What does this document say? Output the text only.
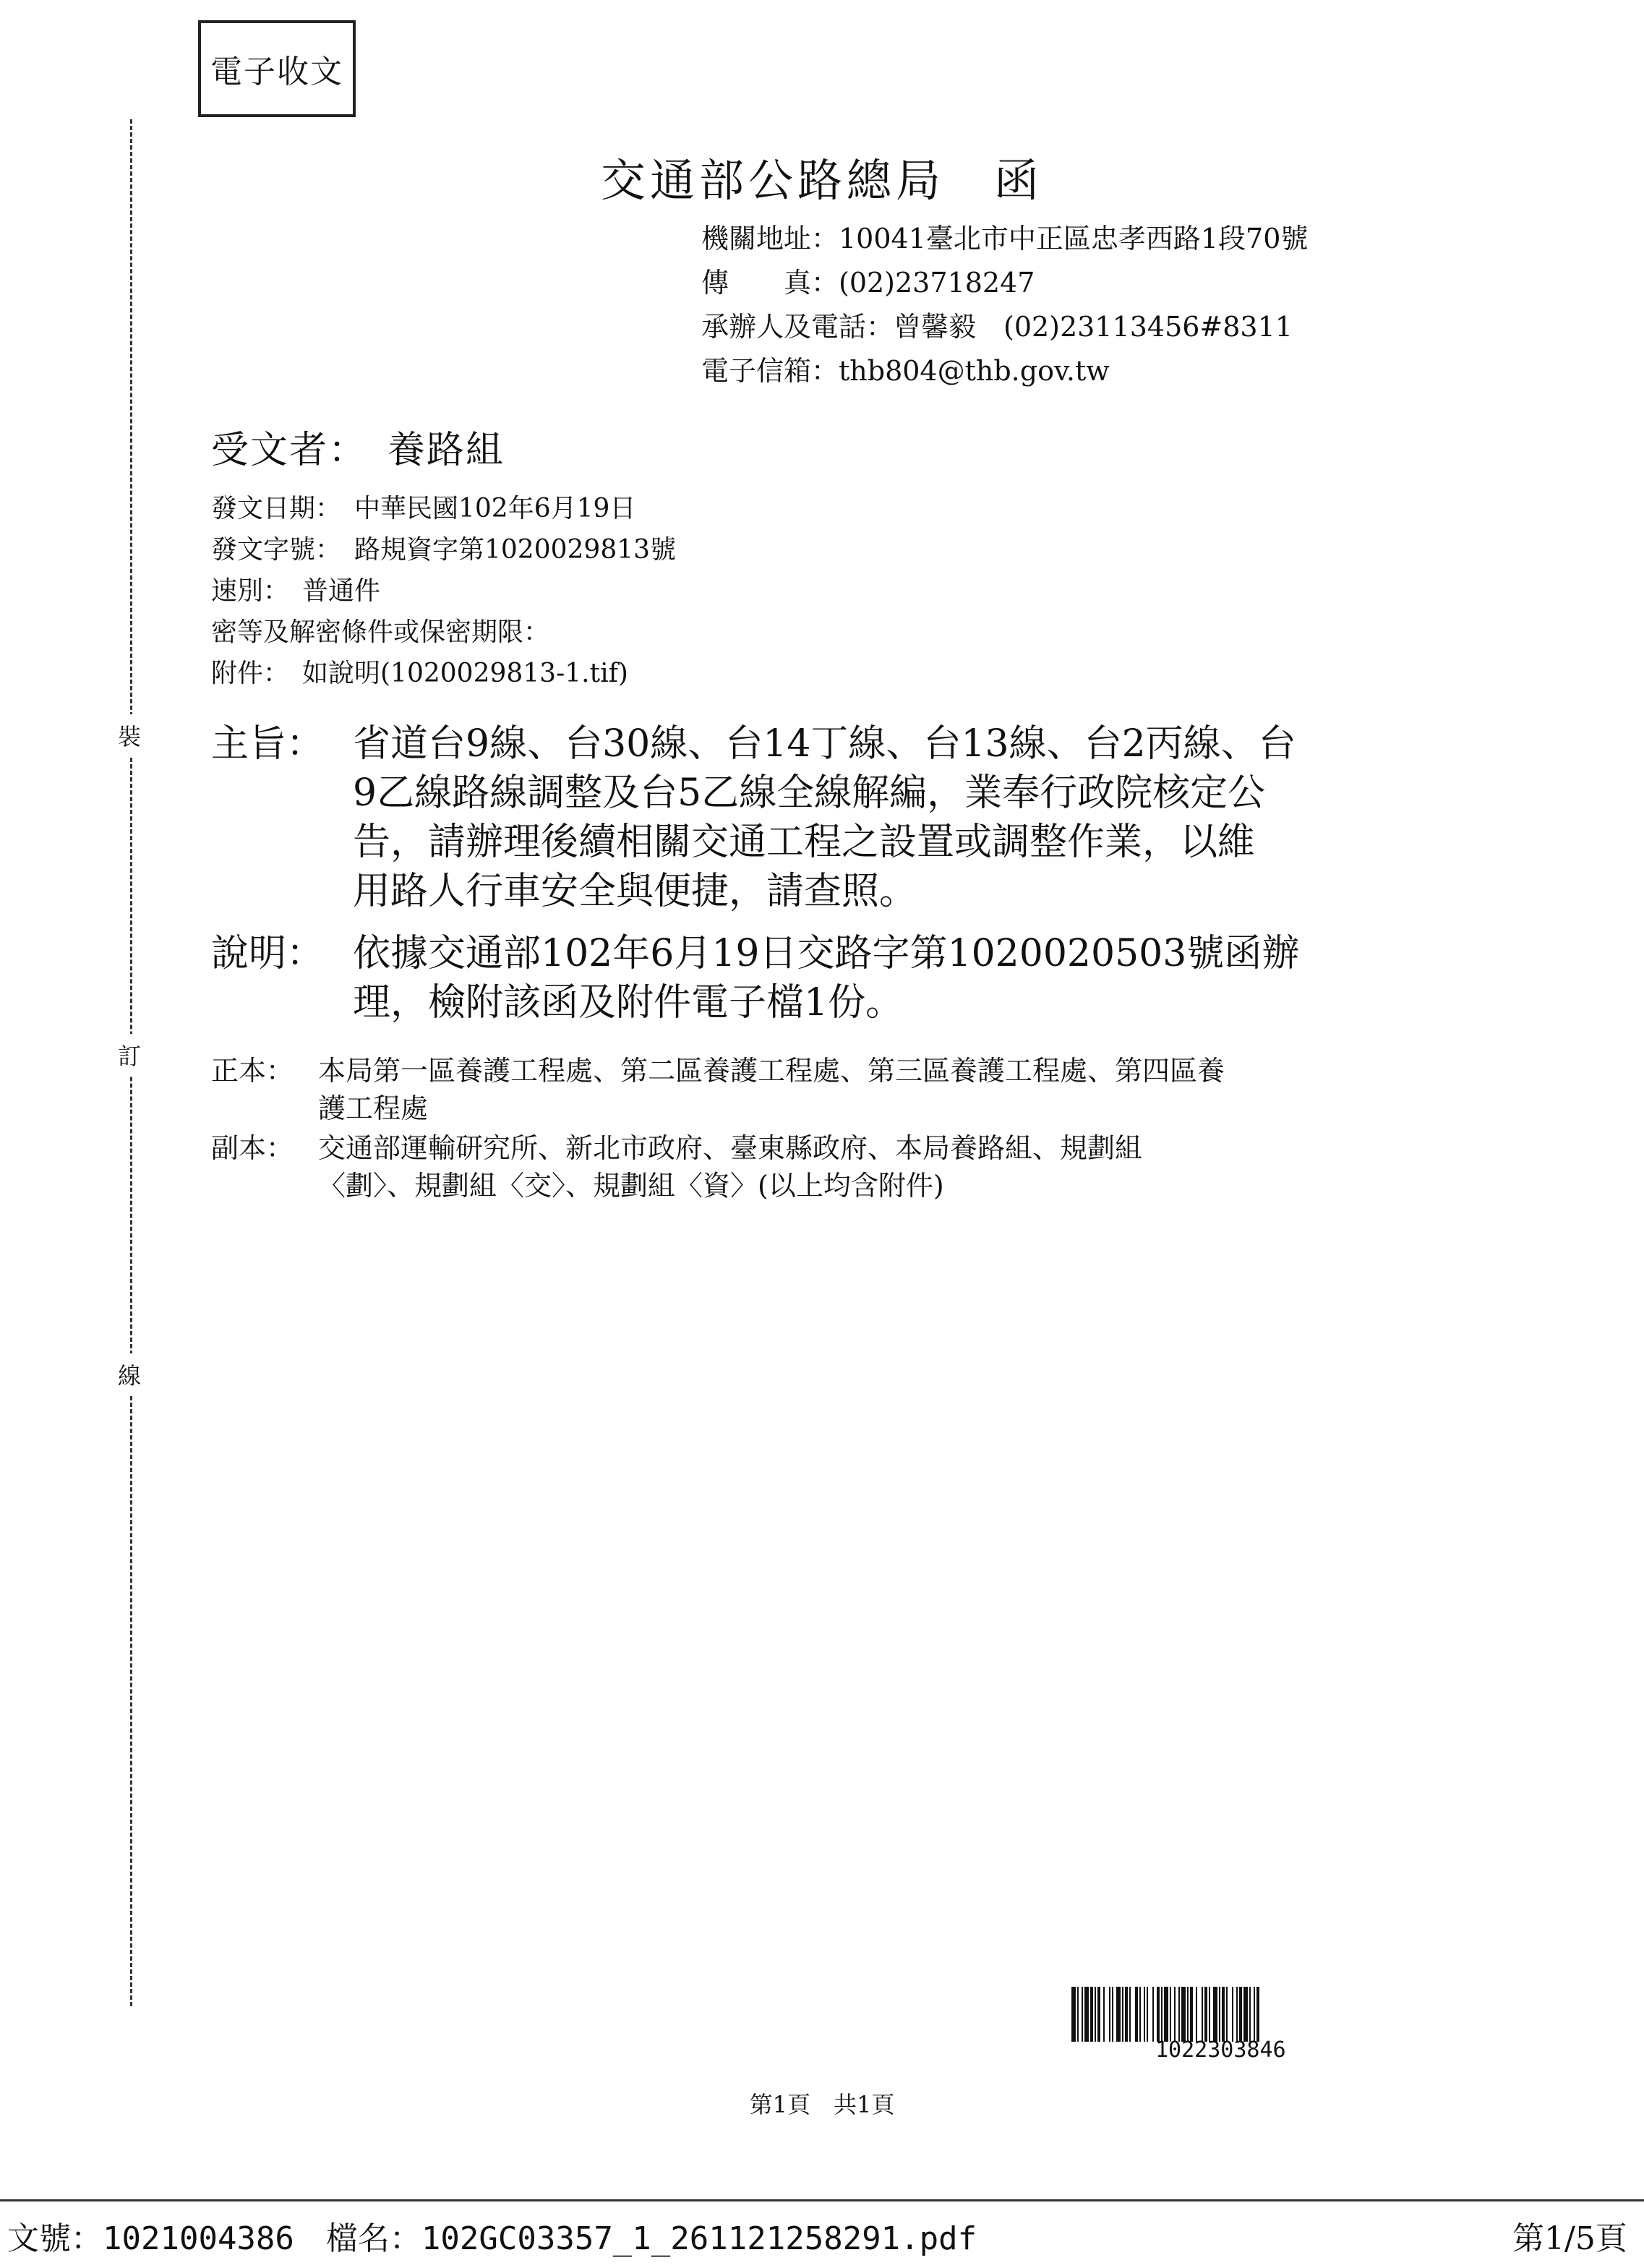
裝
訂
線
電子收文
交通部公路總局　函
機關地址：10041臺北市中正區忠孝西路1段70號
傳　　真：(02)23718247
承辦人及電話：曾馨毅　(02)23113456#8311
電子信箱：thb804@thb.gov.tw
受文者：　養路組
發文日期：　中華民國102年6月19日
發文字號：　路規資字第1020029813號
速別：　普通件
密等及解密條件或保密期限：
附件：　如說明(1020029813-1.tif)
主旨： 省道台9線、台30線、台14丁線、台13線、台2丙線、台
9乙線路線調整及台5乙線全線解編，業奉行政院核定公
告，請辦理後續相關交通工程之設置或調整作業，以維
用路人行車安全與便捷，請查照。
說明： 依據交通部102年6月19日交路字第1020020503號函辦
理，檢附該函及附件電子檔1份。
正本： 本局第一區養護工程處、第二區養護工程處、第三區養護工程處、第四區養
護工程處
副本： 交通部運輸研究所、新北市政府、臺東縣政府、本局養路組、規劃組
〈劃〉、規劃組〈交〉、規劃組〈資〉(以上均含附件)
1022303846
第1頁　共1頁
文號：1021004386　檔名：102GC03357_1_261121258291.pdf	第1/5頁
